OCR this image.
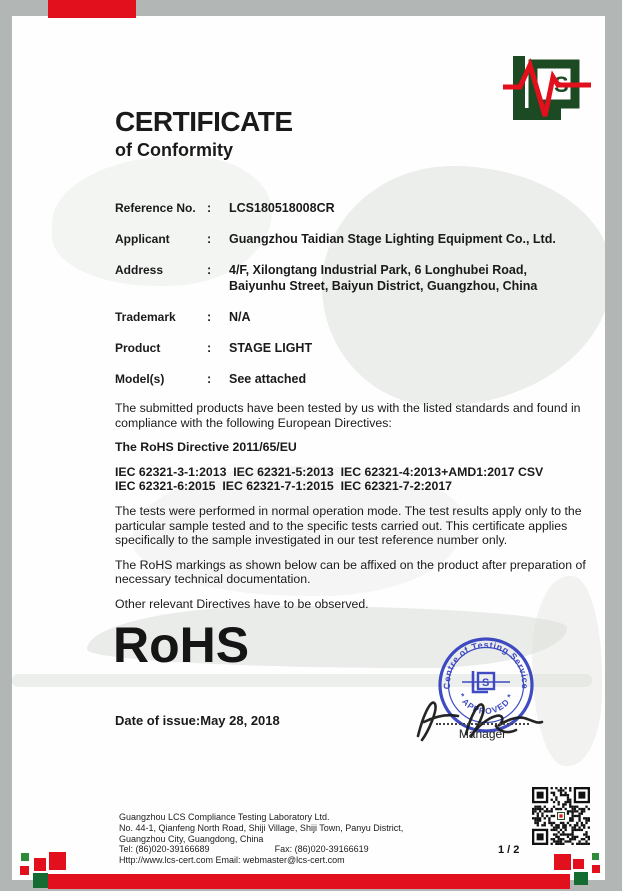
S
CERTIFICATE
of Conformity
Reference No. :	LCS180518008CR
Applicant	:	Guangzhou Taidian Stage Lighting Equipment Co., Ltd.
Address	:	4/F, Xilongtang Industrial Park, 6 Longhubei Road, Baiyunhu Street, Baiyun District, Guangzhou, China
Trademark	:	N/A
Product	:	STAGE LIGHT
Model(s)	:	See attached

The submitted products have been tested by us with the listed standards and found in compliance with the following European Directives:

The RoHS Directive 2011/65/EU

IEC 62321-3-1:2013  IEC 62321-5:2013  IEC 62321-4:2013+AMD1:2017 CSV

IEC 62321-6:2015  IEC 62321-7-1:2015  IEC 62321-7-2:2017

The tests were performed in normal operation mode. The test results apply only to the particular sample tested and to the specific tests carried out. This certificate applies specifically to the sample investigated in our test reference number only.

The RoHS markings as shown below can be affixed on the product after preparation of necessary technical documentation.

Other relevant Directives have to be observed.

RoHS
Date of issue:May 28, 2018
Centre of Testing Service
* APPROVED *
S
Manager
Guangzhou LCS Compliance Testing Laboratory Ltd.
No. 44-1, Qianfeng North Road, Shiji Village, Shiji Town, Panyu District,
Guangzhou City, Guangdong, China
Tel: (86)020-39166689                          Fax: (86)020-39166619
Http://www.lcs-cert.com Email: webmaster@lcs-cert.com
1 / 2
